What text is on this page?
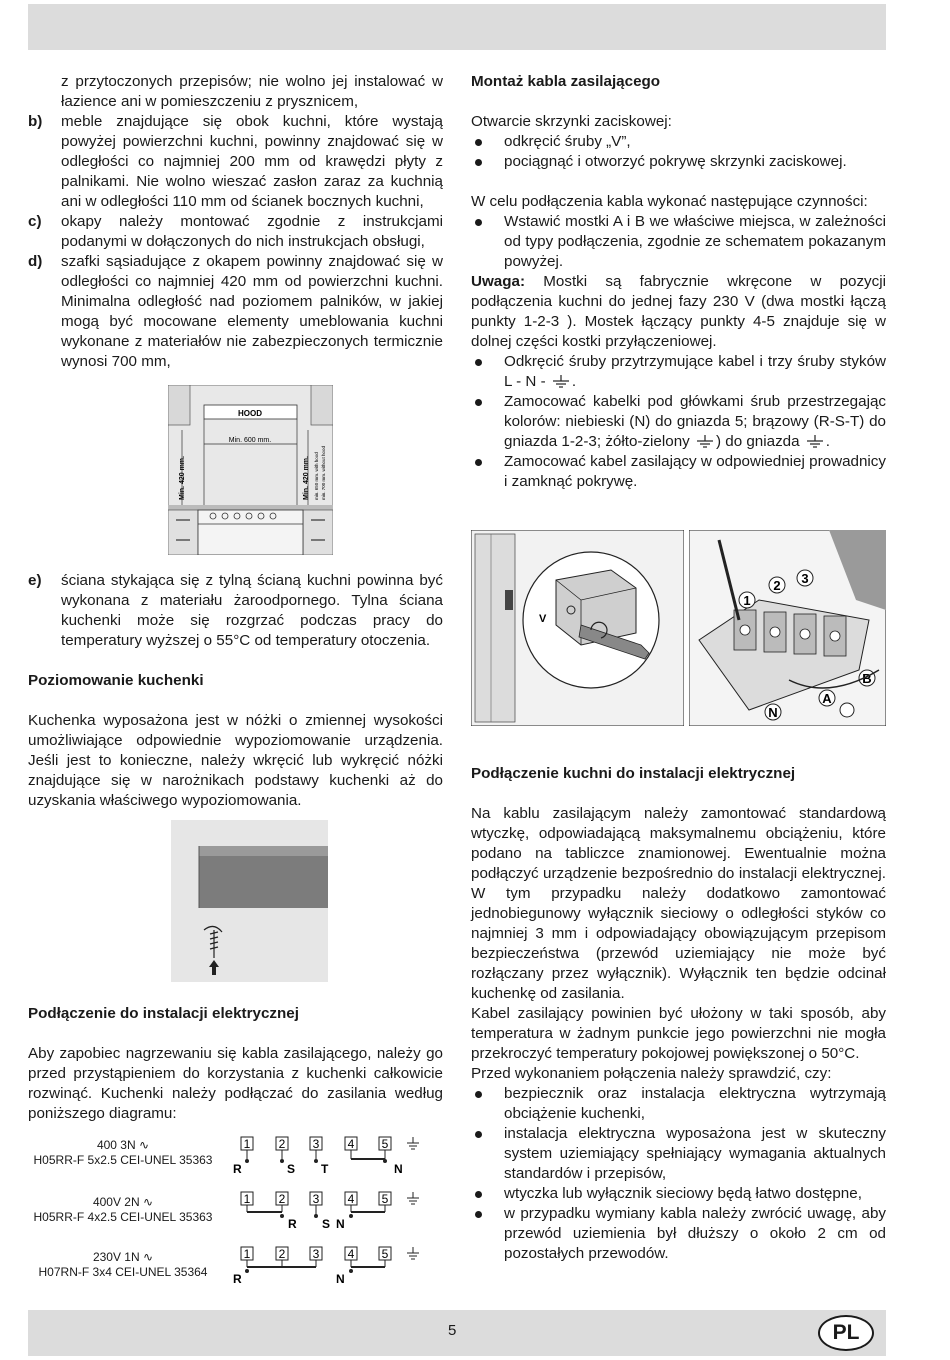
z przytoczonych przepisów; nie wolno jej instalować w łazience ani w pomieszczeniu z prysznicem,
b) meble znajdujące się obok kuchni, które wystają powyżej powierzchni kuchni, powinny znajdować się w odległości co najmniej 200 mm od krawędzi płyty z palnikami. Nie wolno wieszać zasłon zaraz za kuchnią ani w odległości 110 mm od ścianek bocznych kuchni,
c) okapy należy montować zgodnie z instrukcjami podanymi w dołączonych do nich instrukcjach obsługi,
d) szafki sąsiadujące z okapem powinny znajdować się w odległości co najmniej 420 mm od powierzchni kuchni. Minimalna odległość nad poziomem palników, w jakiej mogą być mocowane elementy umeblowania kuchni wykonane z materiałów nie zabezpieczonych termicznie wynosi 700 mm,
HOOD
Min. 600 mm.
Min. 420 mm.	Min. 420 mm. min. 650 mm. with hood min. 700 mm. without hood
e) ściana stykająca się z tylną ścianą kuchni powinna być wykonana z materiału żaroodpornego. Tylna ściana kuchenki może się rozgrzać podczas pracy do temperatury wyższej o 55°C od temperatury otoczenia.
Poziomowanie kuchenki
Kuchenka wyposażona jest w nóżki o zmiennej wysokości umożliwiające odpowiednie wypoziomowanie urządzenia. Jeśli jest to konieczne, należy wkręcić lub wykręcić nóżki znajdujące się w narożnikach podstawy kuchenki aż do uzyskania właściwego wypoziomowania.
Podłączenie do instalacji elektrycznej
Aby zapobiec nagrzewaniu się kabla zasilającego, należy go przed przystąpieniem do korzystania z kuchenki całkowicie rozwinąć. Kuchenki należy podłączać do zasilania według poniższego diagramu:
400 3N ∿
H05RR-F 5x2.5 CEI-UNEL 35363
1 2 3 4 5
R	S T	N
400V 2N ∿
H05RR-F 4x2.5 CEI-UNEL 35363
1 2 3 4 5
R S N
230V 1N ∿
H07RN-F 3x4 CEI-UNEL 35364
1 2 3 4 5
R	N
Montaż kabla zasilającego
Otwarcie skrzynki zaciskowej:
odkręcić śruby „V”,
pociągnąć i otworzyć pokrywę skrzynki zaciskowej.
W celu podłączenia kabla wykonać następujące czynności:
Wstawić mostki A i B we właściwe miejsca, w zależności od typy podłączenia, zgodnie ze schematem pokazanym powyżej.
Uwaga: Mostki są fabrycznie wkręcone w pozycji podłączenia kuchni do jednej fazy 230 V (dwa mostki łączą punkty 1-2-3 ). Mostek łączący punkty 4-5 znajduje się w dolnej części kostki przyłączeniowej.
Odkręcić śruby przytrzymujące kabel i trzy śruby styków L - N - .
Zamocować kabelki pod główkami śrub przestrzegając kolorów: niebieski (N) do gniazda 5; brązowy (R-S-T) do gniazda 1-2-3; żółto-zielony ) do gniazda .
Zamocować kabel zasilający w odpowiedniej prowadnicy i zamknąć pokrywę.
V
1
2 3
A
B
N
Podłączenie kuchni do instalacji elektrycznej
Na kablu zasilającym należy zamontować standardową wtyczkę, odpowiadającą maksymalnemu obciążeniu, które podano na tabliczce znamionowej. Ewentualnie można podłączyć urządzenie bezpośrednio do instalacji elektrycznej. W tym przypadku należy dodatkowo zamontować jednobiegunowy wyłącznik sieciowy o odległości styków co najmniej 3 mm i odpowiadający obowiązującym przepisom bezpieczeństwa (przewód uziemiający nie może być rozłączany przez wyłącznik). Wyłącznik ten będzie odcinał kuchenkę od zasilania.
Kabel zasilający powinien być ułożony w taki sposób, aby temperatura w żadnym punkcie jego powierzchni nie mogła przekroczyć temperatury pokojowej powiększonej o 50°C.
Przed wykonaniem połączenia należy sprawdzić, czy:
bezpiecznik oraz instalacja elektryczna wytrzymają obciążenie kuchenki,
instalacja elektryczna wyposażona jest w skuteczny system uziemiający spełniający wymagania aktualnych standardów i przepisów,
wtyczka lub wyłącznik sieciowy będą łatwo dostępne,
w przypadku wymiany kabla należy zwrócić uwagę, aby przewód uziemienia był dłuższy o około 2 cm od pozostałych przewodów.
5	PL
